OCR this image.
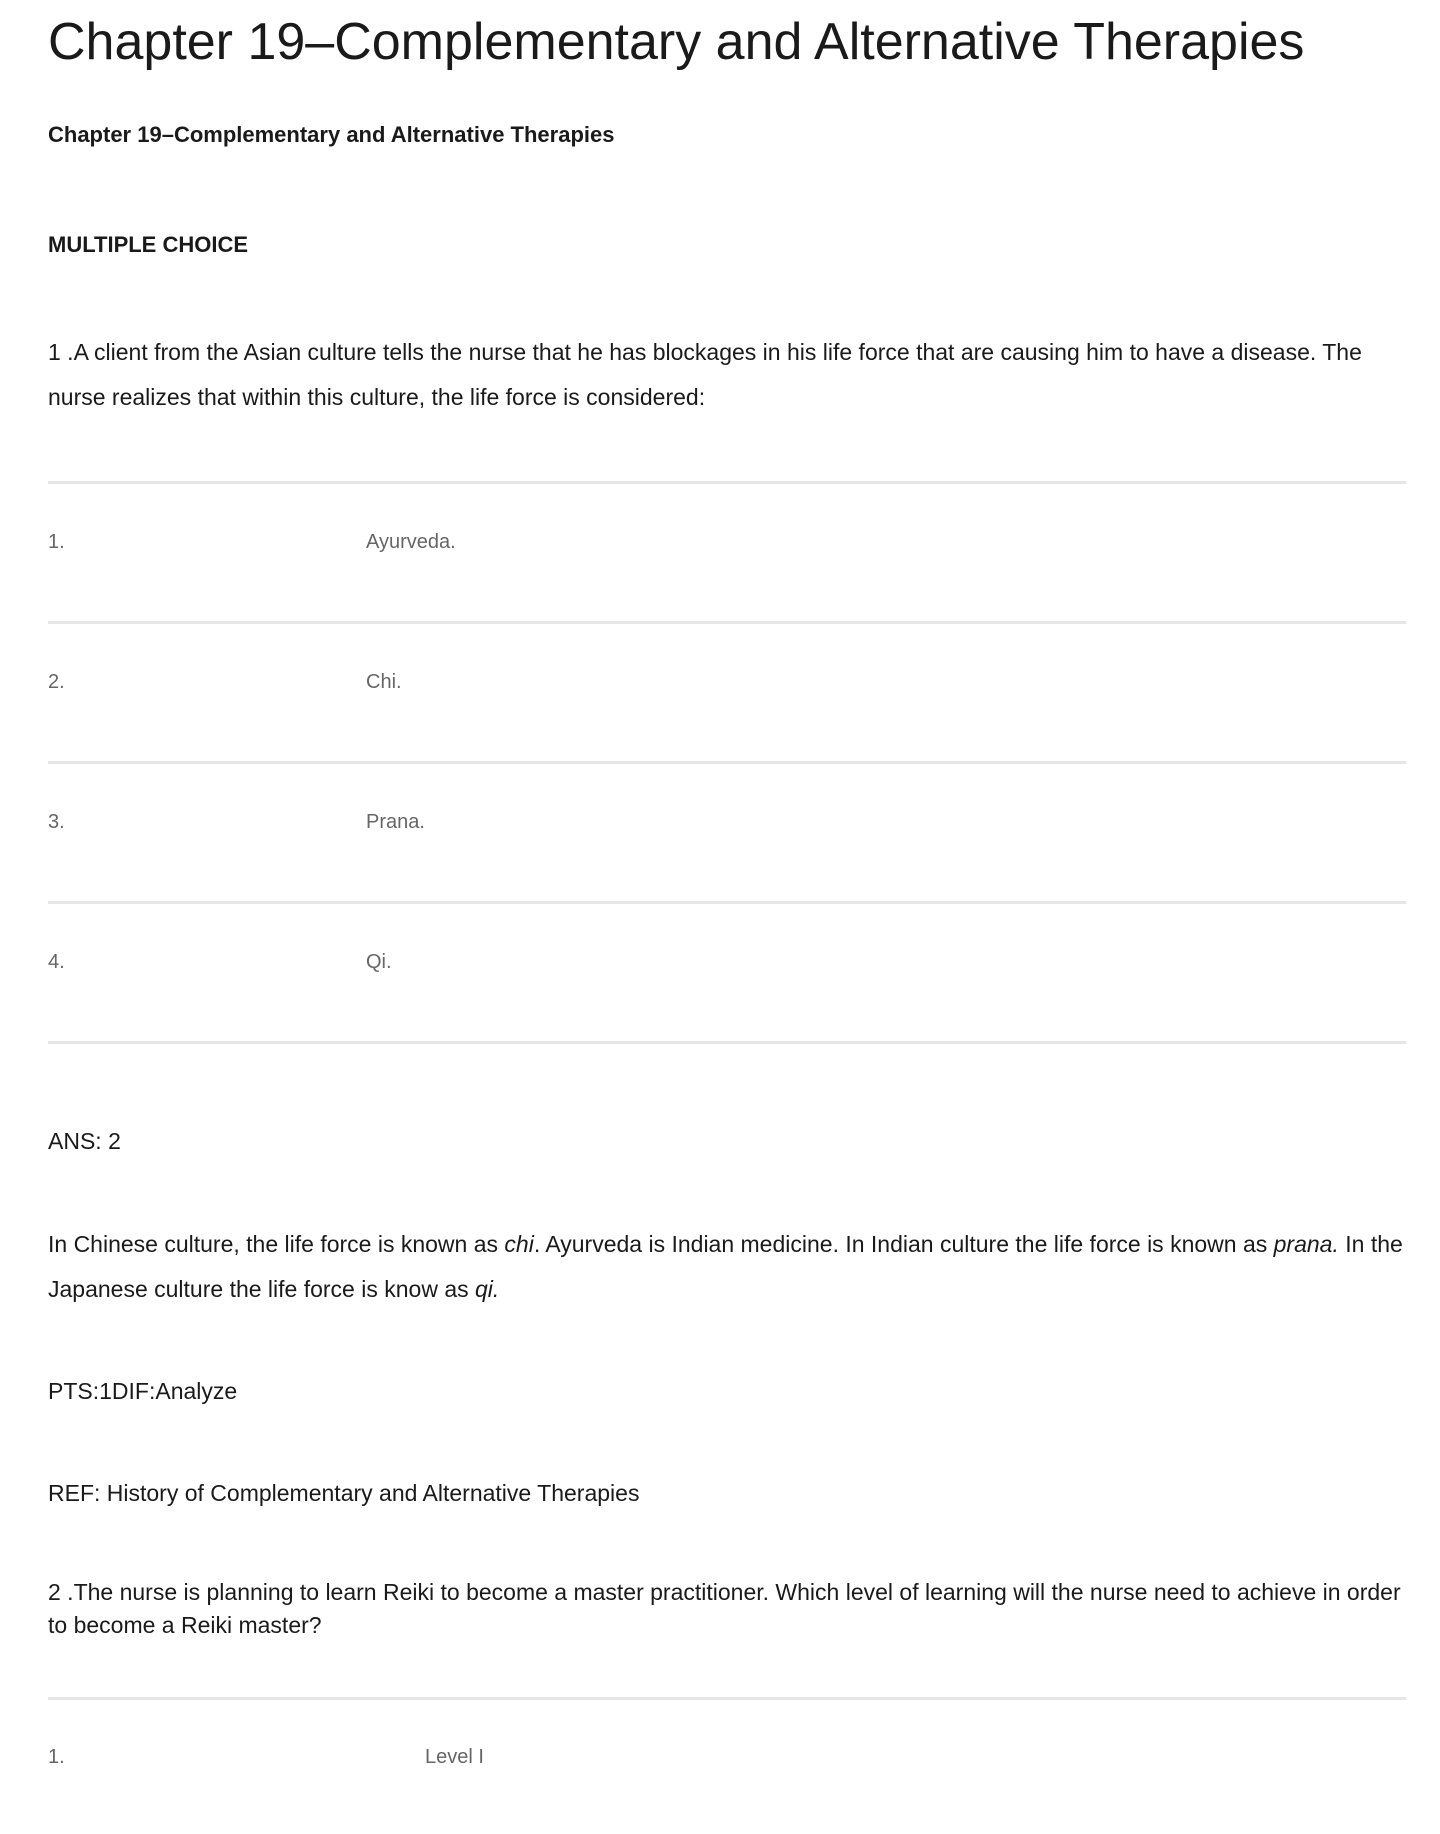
Chapter 19–Complementary and Alternative Therapies
Chapter 19–Complementary and Alternative Therapies
MULTIPLE CHOICE

1 .A client from the Asian culture tells the nurse that he has blockages in his life force that are causing him to have a disease. The nurse realizes that within this culture, the life force is considered:

1.	Ayurveda.
2.	Chi.
3.	Prana.
4.	Qi.
ANS: 2

In Chinese culture, the life force is known as chi. Ayurveda is Indian medicine. In Indian culture the life force is known as prana. In the Japanese culture the life force is know as qi.

PTS:1DIF:Analyze
REF: History of Complementary and Alternative Therapies

2 .The nurse is planning to learn Reiki to become a master practitioner. Which level of learning will the nurse need to achieve in order to become a Reiki master?

1.	Level I
